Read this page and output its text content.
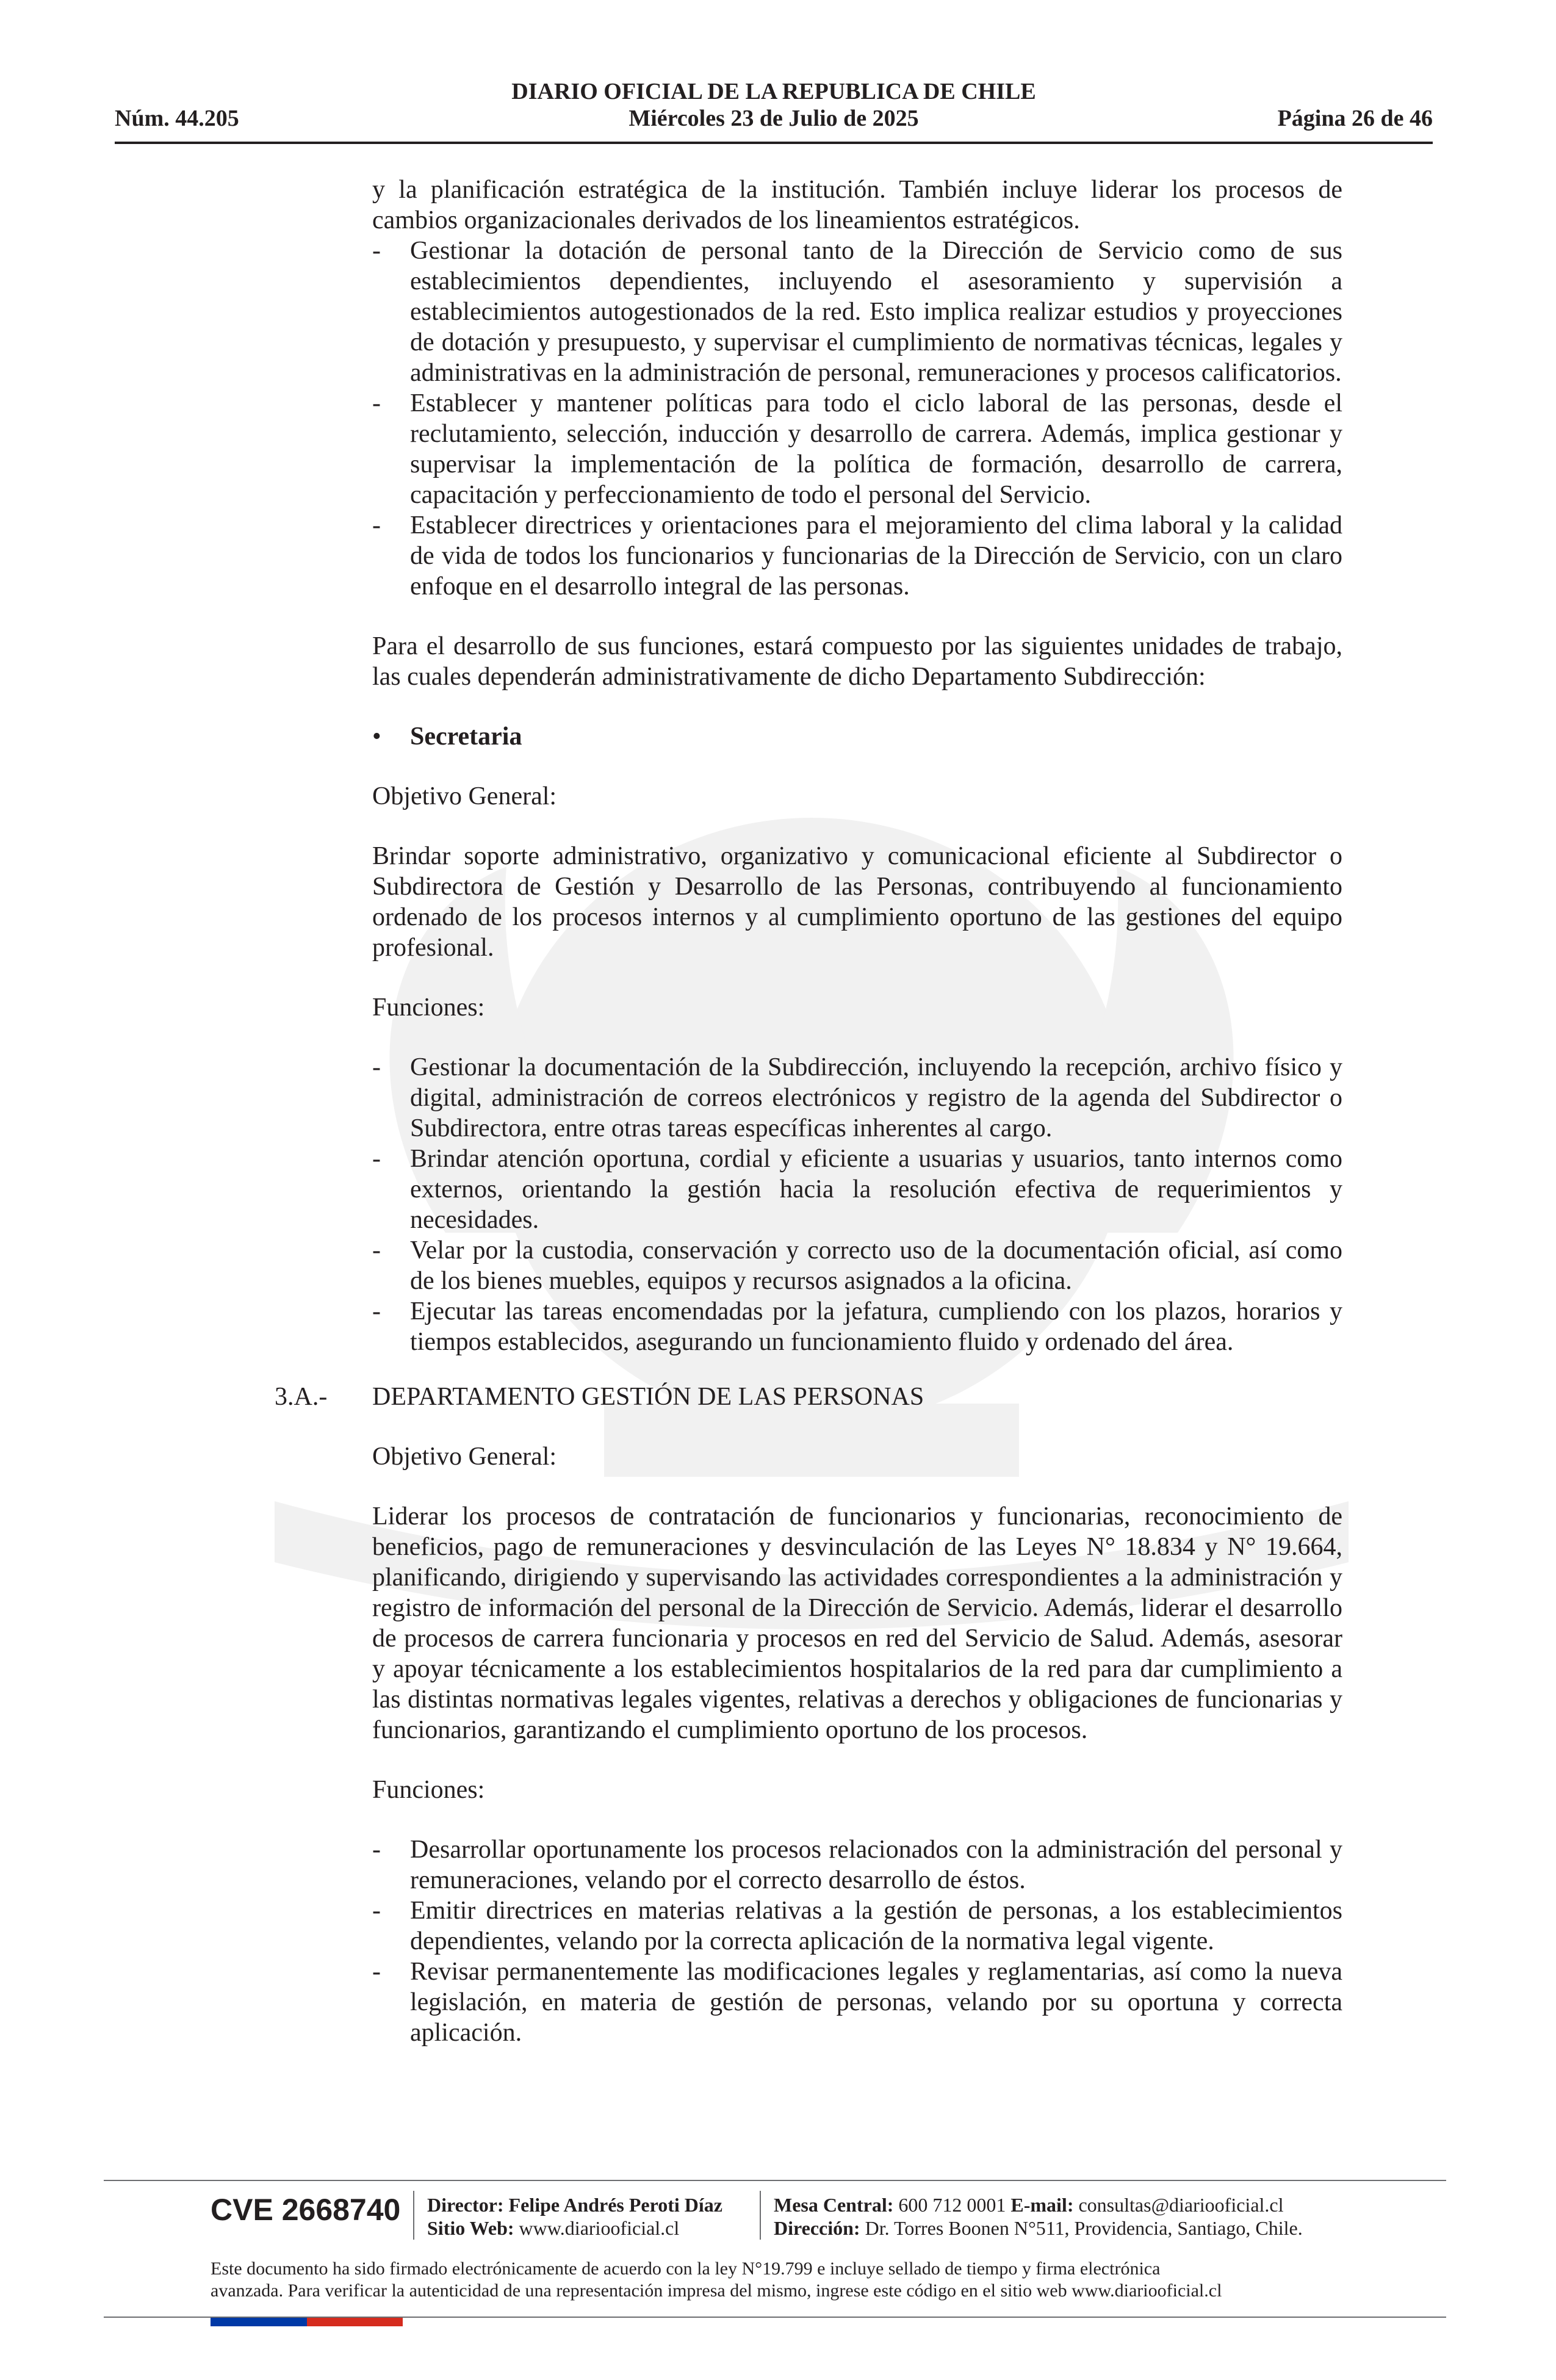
DIARIO OFICIAL DE LA REPUBLICA DE CHILE
Miércoles 23 de Julio de 2025
Núm. 44.205	Página 26 de 46

y la planificación estratégica de la institución. También incluye liderar los procesos de cambios organizacionales derivados de los lineamientos estratégicos.

- Gestionar la dotación de personal tanto de la Dirección de Servicio como de sus establecimientos dependientes, incluyendo el asesoramiento y supervisión a establecimientos autogestionados de la red. Esto implica realizar estudios y proyecciones de dotación y presupuesto, y supervisar el cumplimiento de normativas técnicas, legales y administrativas en la administración de personal, remuneraciones y procesos calificatorios.
- Establecer y mantener políticas para todo el ciclo laboral de las personas, desde el reclutamiento, selección, inducción y desarrollo de carrera. Además, implica gestionar y supervisar la implementación de la política de formación, desarrollo de carrera, capacitación y perfeccionamiento de todo el personal del Servicio.
- Establecer directrices y orientaciones para el mejoramiento del clima laboral y la calidad de vida de todos los funcionarios y funcionarias de la Dirección de Servicio, con un claro enfoque en el desarrollo integral de las personas.

Para el desarrollo de sus funciones, estará compuesto por las siguientes unidades de trabajo, las cuales dependerán administrativamente de dicho Departamento Subdirección:

• Secretaria

Objetivo General:

Brindar soporte administrativo, organizativo y comunicacional eficiente al Subdirector o Subdirectora de Gestión y Desarrollo de las Personas, contribuyendo al funcionamiento ordenado de los procesos internos y al cumplimiento oportuno de las gestiones del equipo profesional.

Funciones:

- Gestionar la documentación de la Subdirección, incluyendo la recepción, archivo físico y digital, administración de correos electrónicos y registro de la agenda del Subdirector o Subdirectora, entre otras tareas específicas inherentes al cargo.
- Brindar atención oportuna, cordial y eficiente a usuarias y usuarios, tanto internos como externos, orientando la gestión hacia la resolución efectiva de requerimientos y necesidades.
- Velar por la custodia, conservación y correcto uso de la documentación oficial, así como de los bienes muebles, equipos y recursos asignados a la oficina.
- Ejecutar las tareas encomendadas por la jefatura, cumpliendo con los plazos, horarios y tiempos establecidos, asegurando un funcionamiento fluido y ordenado del área.
3.A.- DEPARTAMENTO GESTIÓN DE LAS PERSONAS

Objetivo General:

Liderar los procesos de contratación de funcionarios y funcionarias, reconocimiento de beneficios, pago de remuneraciones y desvinculación de las Leyes N° 18.834 y N° 19.664, planificando, dirigiendo y supervisando las actividades correspondientes a la administración y registro de información del personal de la Dirección de Servicio. Además, liderar el desarrollo de procesos de carrera funcionaria y procesos en red del Servicio de Salud. Además, asesorar y apoyar técnicamente a los establecimientos hospitalarios de la red para dar cumplimiento a las distintas normativas legales vigentes, relativas a derechos y obligaciones de funcionarias y funcionarios, garantizando el cumplimiento oportuno de los procesos.

Funciones:

- Desarrollar oportunamente los procesos relacionados con la administración del personal y remuneraciones, velando por el correcto desarrollo de éstos.
- Emitir directrices en materias relativas a la gestión de personas, a los establecimientos dependientes, velando por la correcta aplicación de la normativa legal vigente.
- Revisar permanentemente las modificaciones legales y reglamentarias, así como la nueva legislación, en materia de gestión de personas, velando por su oportuna y correcta aplicación.
CVE 2668740 Director: Felipe Andrés Peroti Díaz
Sitio Web: www.diariooficial.cl
Mesa Central: 600 712 0001 E-mail: consultas@diariooficial.cl
Dirección: Dr. Torres Boonen N°511, Providencia, Santiago, Chile.
Este documento ha sido firmado electrónicamente de acuerdo con la ley N°19.799 e incluye sellado de tiempo y firma electrónica
avanzada. Para verificar la autenticidad de una representación impresa del mismo, ingrese este código en el sitio web www.diariooficial.cl
